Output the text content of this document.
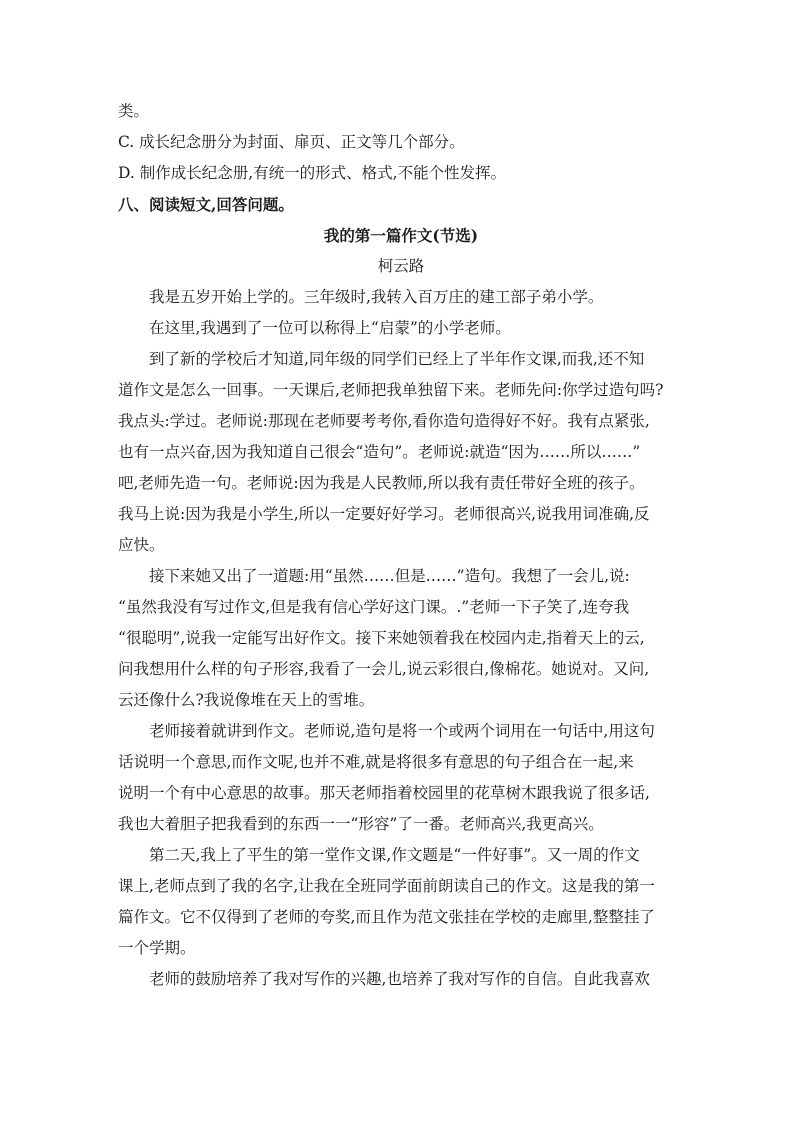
类。
C. 成长纪念册分为封面、扉页、正文等几个部分。
D. 制作成长纪念册,有统一的形式、格式,不能个性发挥。
八、阅读短文,回答问题。
我的第一篇作文(节选)
柯云路
我是五岁开始上学的。三年级时,我转入百万庄的建工部子弟小学。
在这里,我遇到了一位可以称得上“启蒙”的小学老师。
到了新的学校后才知道,同年级的同学们已经上了半年作文课,而我,还不知
道作文是怎么一回事。一天课后,老师把我单独留下来。老师先问:你学过造句吗?
我点头:学过。老师说:那现在老师要考考你,看你造句造得好不好。我有点紧张,
也有一点兴奋,因为我知道自己很会“造句”。老师说:就造“因为……所以……”
吧,老师先造一句。老师说:因为我是人民教师,所以我有责任带好全班的孩子。
我马上说:因为我是小学生,所以一定要好好学习。老师很高兴,说我用词准确,反
应快。
接下来她又出了一道题:用“虽然……但是……”造句。我想了一会儿,说:
“虽然我没有写过作文,但是我有信心学好这门课。.”老师一下子笑了,连夸我
“很聪明”,说我一定能写出好作文。接下来她领着我在校园内走,指着天上的云,
问我想用什么样的句子形容,我看了一会儿,说云彩很白,像棉花。她说对。又问,
云还像什么?我说像堆在天上的雪堆。
老师接着就讲到作文。老师说,造句是将一个或两个词用在一句话中,用这句
话说明一个意思,而作文呢,也并不难,就是将很多有意思的句子组合在一起,来
说明一个有中心意思的故事。那天老师指着校园里的花草树木跟我说了很多话,
我也大着胆子把我看到的东西一一“形容”了一番。老师高兴,我更高兴。
第二天,我上了平生的第一堂作文课,作文题是“一件好事”。又一周的作文
课上,老师点到了我的名字,让我在全班同学面前朗读自己的作文。这是我的第一
篇作文。它不仅得到了老师的夸奖,而且作为范文张挂在学校的走廊里,整整挂了
一个学期。
老师的鼓励培养了我对写作的兴趣,也培养了我对写作的自信。自此我喜欢
